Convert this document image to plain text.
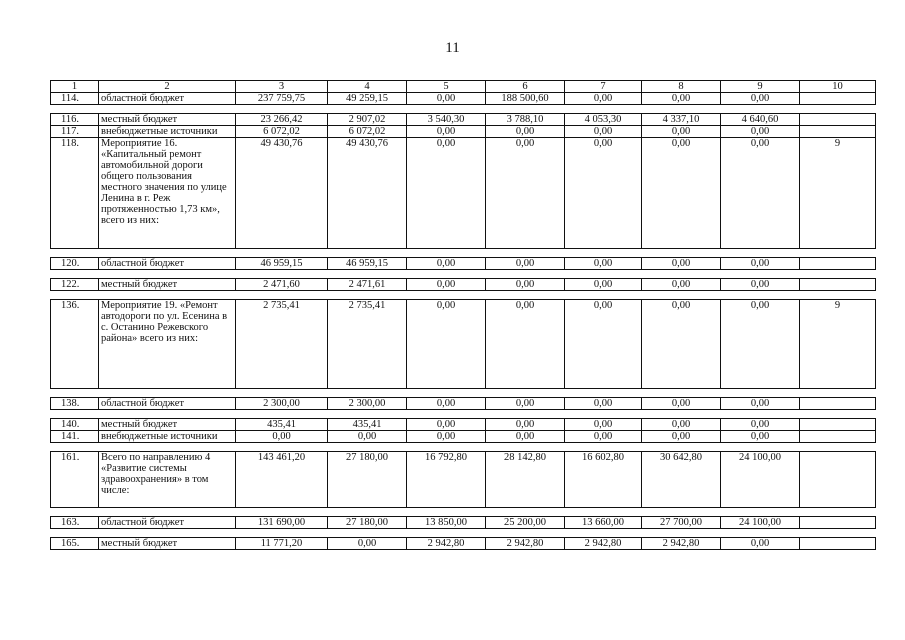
11
1	2	3	4	5	6	7	8	9	10
114.	областной бюджет	237 759,75	49 259,15	0,00	188 500,60	0,00	0,00	0,00	

116.	местный бюджет	23 266,42	2 907,02	3 540,30	3 788,10	4 053,30	4 337,10	4 640,60	
117.	внебюджетные источники	6 072,02	6 072,02	0,00	0,00	0,00	0,00	0,00	
118.	Мероприятие 16. «Капитальный ремонт автомобильной дороги общего пользования местного значения по улице Ленина в г. Реж протяженностью 1,73 км», всего из них:	49 430,76	49 430,76	0,00	0,00	0,00	0,00	0,00	9

120.	областной бюджет	46 959,15	46 959,15	0,00	0,00	0,00	0,00	0,00	

122.	местный бюджет	2 471,60	2 471,61	0,00	0,00	0,00	0,00	0,00	

136.	Мероприятие 19. «Ремонт автодороги по ул. Есенина в с. Останино Режевского района» всего из них:	2 735,41	2 735,41	0,00	0,00	0,00	0,00	0,00	9

138.	областной бюджет	2 300,00	2 300,00	0,00	0,00	0,00	0,00	0,00	

140.	местный бюджет	435,41	435,41	0,00	0,00	0,00	0,00	0,00	
141.	внебюджетные источники	0,00	0,00	0,00	0,00	0,00	0,00	0,00	

161.	Всего по направлению 4 «Развитие системы здравоохранения» в том числе:	143 461,20	27 180,00	16 792,80	28 142,80	16 602,80	30 642,80	24 100,00	

163.	областной бюджет	131 690,00	27 180,00	13 850,00	25 200,00	13 660,00	27 700,00	24 100,00	

165.	местный бюджет	11 771,20	0,00	2 942,80	2 942,80	2 942,80	2 942,80	0,00	
